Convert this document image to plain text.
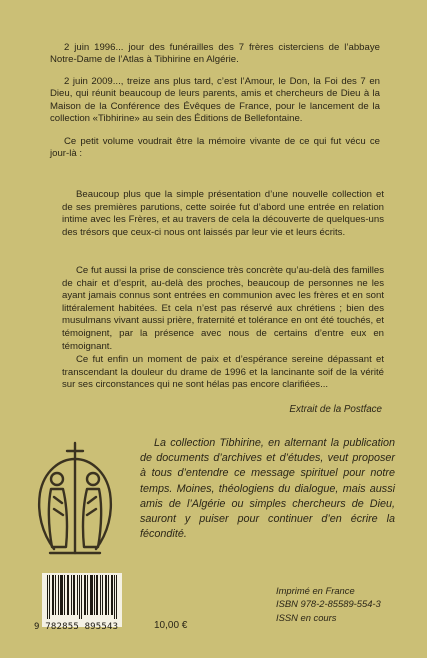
2 juin 1996... jour des funérailles des 7 frères cisterciens de l’abbaye Notre-Dame de l’Atlas à Tibhirine en Algérie.

2 juin 2009..., treize ans plus tard, c’est l’Amour, le Don, la Foi des 7 en Dieu, qui réunit beaucoup de leurs parents, amis et chercheurs de Dieu à la Maison de la Conférence des Évêques de France, pour le lancement de la collection «Tibhirine» au sein des Éditions de Bellefontaine.

Ce petit volume voudrait être la mémoire vivante de ce qui fut vécu ce jour-là :

Beaucoup plus que la simple présentation d’une nouvelle collection et de ses premières parutions, cette soirée fut d’abord une entrée en relation intime avec les Frères, et au travers de cela la découverte de quelques-uns des trésors que ceux-ci nous ont laissés par leur vie et leurs écrits.

Ce fut aussi la prise de conscience très concrète qu’au-delà des familles de chair et d’esprit, au-delà des proches, beaucoup de personnes ne les ayant jamais connus sont entrées en communion avec les frères et en sont littéralement habitées. Et cela n’est pas réservé aux chrétiens ; bien des musulmans vivant aussi prière, fraternité et tolérance en ont été touchés, et témoignent, par la présence avec nous de certains d’entre eux en témoignant.

Ce fut enfin un moment de paix et d’espérance sereine dépassant et transcendant la douleur du drame de 1996 et la lancinante soif de la vérité sur ses circonstances qui ne sont hélas pas encore clarifiées...

Extrait de la Postface

La collection Tibhirine, en alternant la publication de documents d’archives et d’études, veut proposer à tous d’entendre ce message spirituel pour notre temps. Moines, théologiens du dialogue, mais aussi amis de l’Algérie ou simples chercheurs de Dieu, sauront y puiser pour continuer d’en écrire la fécondité.

9 782855 895543	10,00 €

Imprimé en France
ISBN 978-2-85589-554-3
ISSN en cours
